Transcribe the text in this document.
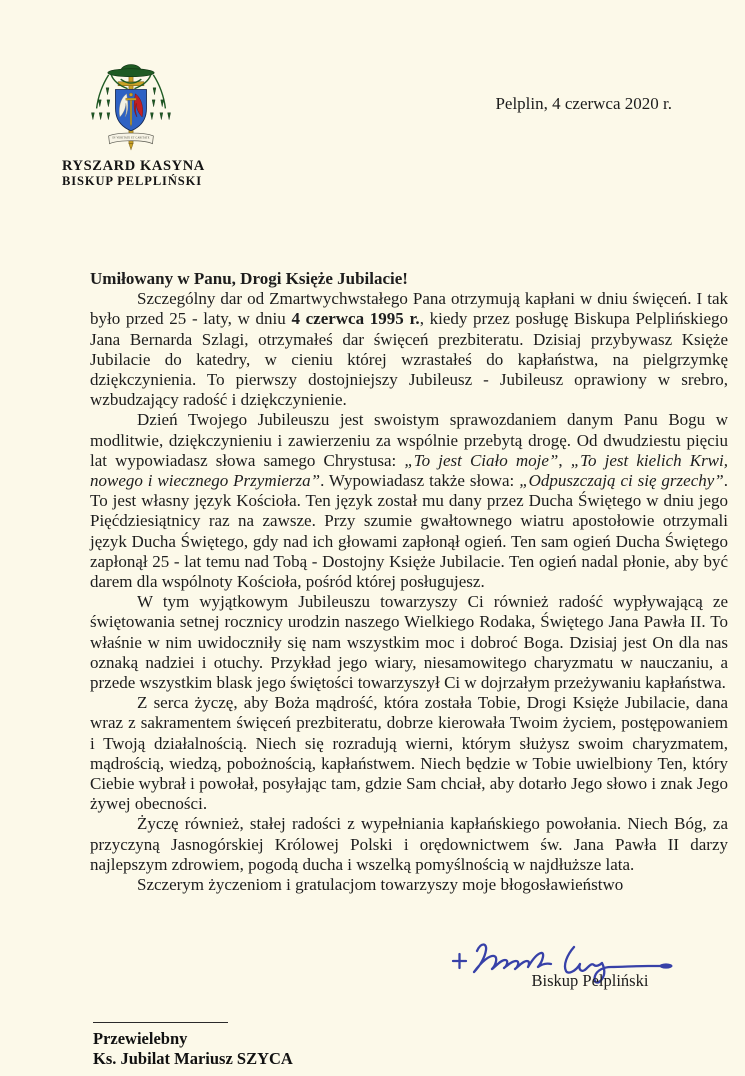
IN VERITATE ET CARITATE
RYSZARD KASYNA
BISKUP PELPLIŃSKI
Pelplin, 4 czerwca 2020 r.

Umiłowany w Panu, Drogi Księże Jubilacie!

Szczególny dar od Zmartwychwstałego Pana otrzymują kapłani w dniu święceń. I tak było przed 25 - laty, w dniu 4 czerwca 1995 r., kiedy przez posługę Biskupa Pelplińskiego Jana Bernarda Szlagi, otrzymałeś dar święceń prezbiteratu. Dzisiaj przybywasz Księże Jubilacie do katedry, w cieniu której wzrastałeś do kapłaństwa, na pielgrzymkę dziękczynienia. To pierwszy dostojniejszy Jubileusz - Jubileusz oprawiony w srebro, wzbudzający radość i dziękczynienie.

Dzień Twojego Jubileuszu jest swoistym sprawozdaniem danym Panu Bogu w modlitwie, dziękczynieniu i zawierzeniu za wspólnie przebytą drogę. Od dwudziestu pięciu lat wypowiadasz słowa samego Chrystusa: „To jest Ciało moje”, „To jest kielich Krwi, nowego i wiecznego Przymierza”. Wypowiadasz także słowa: „Odpuszczają ci się grzechy”. To jest własny język Kościoła. Ten język został mu dany przez Ducha Świętego w dniu jego Pięćdziesiątnicy raz na zawsze. Przy szumie gwałtownego wiatru apostołowie otrzymali język Ducha Świętego, gdy nad ich głowami zapłonął ogień. Ten sam ogień Ducha Świętego zapłonął 25 - lat temu nad Tobą - Dostojny Księże Jubilacie. Ten ogień nadal płonie, aby być darem dla wspólnoty Kościoła, pośród której posługujesz.

W tym wyjątkowym Jubileuszu towarzyszy Ci również radość wypływającą ze świętowania setnej rocznicy urodzin naszego Wielkiego Rodaka, Świętego Jana Pawła II. To właśnie w nim uwidoczniły się nam wszystkim moc i dobroć Boga. Dzisiaj jest On dla nas oznaką nadziei i otuchy. Przykład jego wiary, niesamowitego charyzmatu w nauczaniu, a przede wszystkim blask jego świętości towarzyszył Ci w dojrzałym przeżywaniu kapłaństwa.

Z serca życzę, aby Boża mądrość, która została Tobie, Drogi Księże Jubilacie, dana wraz z sakramentem święceń prezbiteratu, dobrze kierowała Twoim życiem, postępowaniem i Twoją działalnością. Niech się rozradują wierni, którym służysz swoim charyzmatem, mądrością, wiedzą, pobożnością, kapłaństwem. Niech będzie w Tobie uwielbiony Ten, który Ciebie wybrał i powołał, posyłając tam, gdzie Sam chciał, aby dotarło Jego słowo i znak Jego żywej obecności.

Życzę również, stałej radości z wypełniania kapłańskiego powołania. Niech Bóg, za przyczyną Jasnogórskiej Królowej Polski i orędownictwem św. Jana Pawła II darzy najlepszym zdrowiem, pogodą ducha i wszelką pomyślnością w najdłuższe lata.

Szczerym życzeniom i gratulacjom towarzyszy moje błogosławieństwo

Biskup Pelpliński
Przewielebny
Ks. Jubilat Mariusz SZYCA
